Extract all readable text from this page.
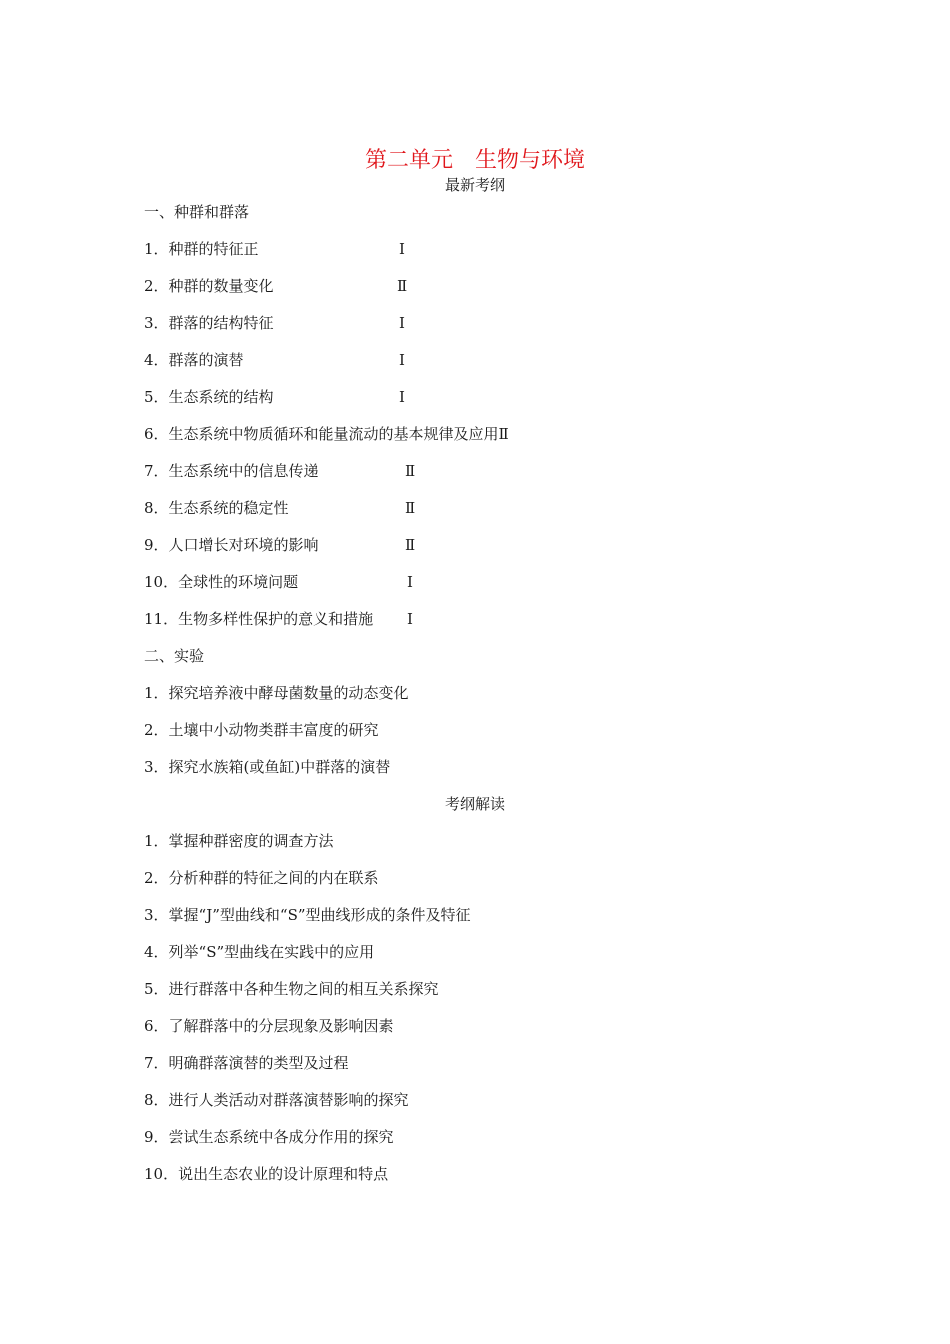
第二单元　生物与环境
最新考纲
一、种群和群落
1．种群的特征正	Ⅰ
2．种群的数量变化	Ⅱ
3．群落的结构特征	Ⅰ
4．群落的演替	Ⅰ
5．生态系统的结构	Ⅰ
6．生态系统中物质循环和能量流动的基本规律及应用Ⅱ
7．生态系统中的信息传递	Ⅱ
8．生态系统的稳定性	Ⅱ
9．人口增长对环境的影响	Ⅱ
10．全球性的环境问题	Ⅰ
11．生物多样性保护的意义和措施 Ⅰ
二、实验
1．探究培养液中酵母菌数量的动态变化
2．土壤中小动物类群丰富度的研究
3．探究水族箱(或鱼缸)中群落的演替
考纲解读
1．掌握种群密度的调查方法
2．分析种群的特征之间的内在联系
3．掌握“J”型曲线和“S”型曲线形成的条件及特征
4．列举“S”型曲线在实践中的应用
5．进行群落中各种生物之间的相互关系探究
6．了解群落中的分层现象及影响因素
7．明确群落演替的类型及过程
8．进行人类活动对群落演替影响的探究
9．尝试生态系统中各成分作用的探究
10．说出生态农业的设计原理和特点
